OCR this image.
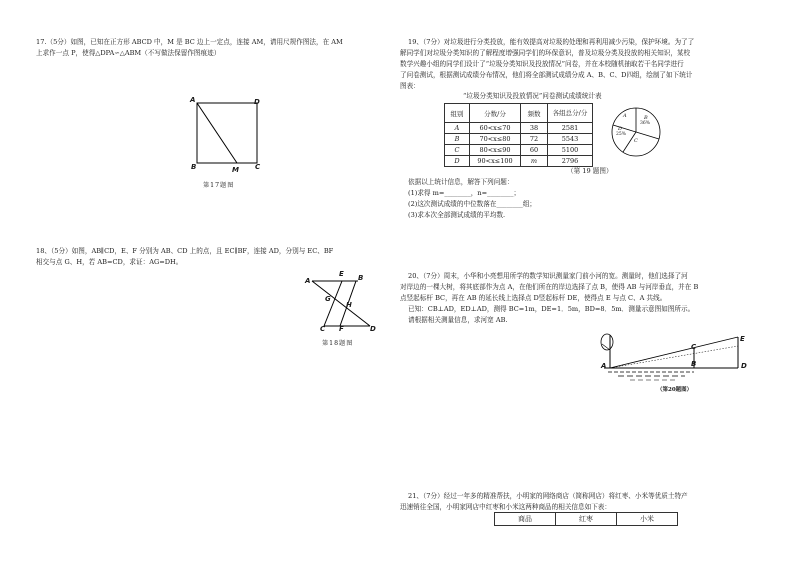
17.（5分）如图，已知在正方形 ABCD 中，M 是 BC 边上一定点，连接 AM，请用尺规作图法，在 AM
上求作一点 P，使得△DPA∽△ABM（不写做法保留作图痕迹）
A	D
B	M C
第17题图
18、（5分）如图，AB∥CD，E、F 分别为 AB、CD 上的点，且 EC∥BF，连接 AD，分别与 EC、BF
相交与点 G、H，若 AB=CD，求证：AG=DH。
A
E B
G
H
C F	D
第18题图
19、（7分）对垃圾进行分类投放，能有效提高对垃圾的处理和再利用减少污染，保护环境。为了了
解同学们对垃圾分类知识的了解程度增强同学们的环保意识，普及垃圾分类及投放的相关知识，某校
数学兴趣小组的同学们设计了“垃圾分类知识及投放情况”问卷，并在本校随机抽取若干名同学进行
了问卷测试，根据测试成绩分布情况，他们将全部测试成绩分成 A、B、C、D四组，绘制了如下统计
图表：
“垃圾分类知识及投放情况”问卷测试成绩统计表
组别	分数/分	频数	各组总分/分
A	60<x≤70	38	2581
B	70<x≤80	72	5543
C	80<x≤90	60	5100
D	90<x≤100	m	2796
A	B
36%
C
D
25%
（第 19 题图）
依据以上统计信息，解答下列问题：
(1)求得 m=________，n=________；
(2)这次测试成绩的中位数落在________组；
(3)求本次全部测试成绩的平均数.
20、（7分）周末，小华和小亮想用所学的数学知识测量家门前小河的宽。测量时，他们选择了河
对岸边的一棵大树，将其底部作为点 A，在他们所在的岸边选择了点 B，使得 AB 与河岸垂直，并在 B
点竖起标杆 BC，再在 AB 的延长线上选择点 D竖起标杆 DE，使得点 E 与点 C、A 共线。
已知：CB⊥AD，ED⊥AD，测得 BC=1m，DE=1．5m，BD=8．5m．测量示意图如图所示。
请根据相关测量信息，求河宽 AB.
A
C
B
E
D
（第20题图）
21、（7分）经过一年多的精准帮扶，小明家的网络商店（简称网店）将红枣、小米等优质土特产
迅速销往全国，小明家网店中红枣和小米这两种商品的相关信息如下表：
商品	红枣	小米
